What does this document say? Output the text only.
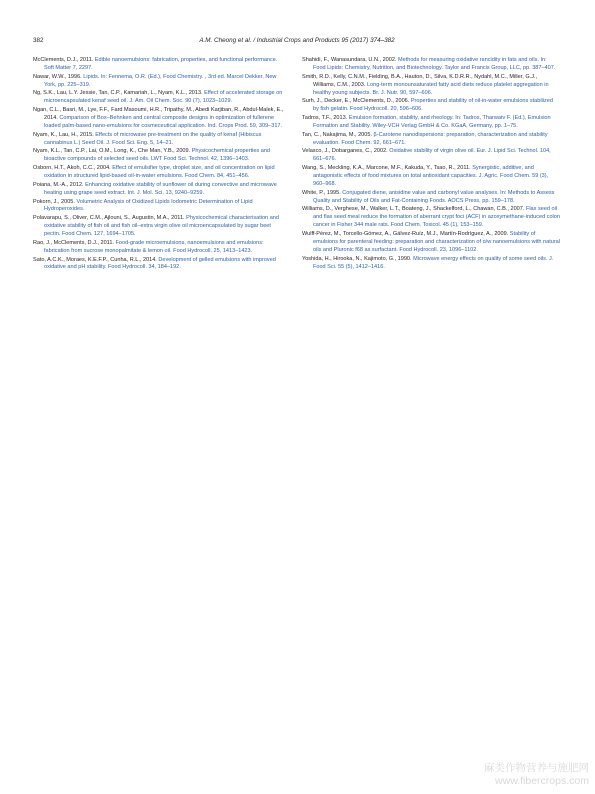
382	A.M. Cheong et al. / Industrial Crops and Products 95 (2017) 374–382

McClements, D.J., 2011. Edible nanoemulsions: fabrication, properties, and functional performance. Soft Matter 7, 2297.

Nawar, W.W., 1996. Lipids. In: Fennema, O.R. (Ed.), Food Chemistry. , 3rd ed. Marcel Dekker, New York, pp. 225–319.

Ng, S.K., Lau, L.Y. Jessie, Tan, C.P., Kamariah, L., Nyam, K.L., 2013. Effect of accelerated storage on microencapsulated kenaf seed oil. J. Am. Oil Chem. Soc. 90 (7), 1023–1029.

Ngan, C.L., Basri, M., Lye, F.F., Fard Masoumi, H.R., Tripathy, M., Abedi Karjiban, R., Abdul-Malek, E., 2014. Comparison of Box–Behnken and central composite designs in optimization of fullerene loaded palm-based nano-emulsions for cosmeceutical application. Ind. Crops Prod. 59, 309–317.

Nyam, K., Lau, H., 2015. Effects of microwave pre-treatment on the quality of kenaf (Hibiscus cannabinus L.) Seed Oil. J. Food Sci. Eng. 5, 14–21.

Nyam, K.L., Tan, C.P., Lai, O.M., Long, K., Che Man, Y.B., 2009. Physicochemical properties and bioactive compounds of selected seed oils. LWT Food Sci. Technol. 42, 1396–1403.

Osborn, H.T., Akoh, C.C., 2004. Effect of emulsifier type, droplet size, and oil concentration on lipid oxidation in structured lipid-based oil-in-water emulsions. Food Chem. 84, 451–456.

Poiana, M.-A., 2012. Enhancing oxidative stability of sunflower oil during convective and microwave heating using grape seed extract. Int. J. Mol. Sci. 13, 9240–9259.

Pokorn, J., 2005. Volumetric Analysis of Oxidized Lipids Iodometric Determination of Lipid Hydroperoxides.

Polavarapu, S., Oliver, C.M., Ajlouni, S., Augustin, M.A., 2011. Physicochemical characterisation and oxidative stability of fish oil and fish oil–extra virgin olive oil microencapsulated by sugar beet pectin. Food Chem. 127, 1694–1705.

Rao, J., McClements, D.J., 2011. Food-grade microemulsions, nanoemulsions and emulsions: fabrication from sucrose monopalmitate & lemon oil. Food Hydrocoll. 25, 1413–1423.

Sato, A.C.K., Moraes, K.E.F.P., Cunha, R.L., 2014. Development of gelled emulsions with improved oxidative and pH stability. Food Hydrocoll. 34, 184–192.

Shahidi, F., Wanasundara, U.N., 2002. Methods for measuring oxidative rancidity in fats and oils. In: Food Lipids: Chemistry, Nutrition, and Biotechnology. Taylor and Francis Group, LLC, pp. 387–407.

Smith, R.D., Kelly, C.N.M., Fielding, B.A., Hauton, D., Silva, K.D.R.R., Nydahl, M.C., Miller, G.J., Williams, C.M., 2003. Long-term monounsaturated fatty acid diets reduce platelet aggregation in healthy young subjects. Br. J. Nutr. 90, 597–606.

Surh, J., Decker, E., McClements, D., 2006. Properties and stability of oil-in-water emulsions stabilized by fish gelatin. Food Hydrocoll. 20, 596–606.

Tadros, T.F., 2013. Emulsion formation, stability, and rheology. In: Tadros, Tharwatv F. (Ed.), Emulsion Formation and Stability. Wiley-VCH Verlag GmbH & Co. KGaA, Germany, pp. 1–75.

Tan, C., Nakajima, M., 2005. β-Carotene nanodispersions: preparation, characterization and stability evaluation. Food Chem. 92, 661–671.

Velasco, J., Dobarganes, C., 2002. Oxidative stability of virgin olive oil. Eur. J. Lipid Sci. Technol. 104, 661–676.

Wang, S., Meckling, K.A., Marcone, M.F., Kakuda, Y., Tsao, R., 2011. Synergistic, additive, and antagonistic effects of food mixtures on total antioxidant capacities. J. Agric. Food Chem. 59 (3), 960–968.

White, P., 1995. Conjugated diene, anisidine value and carbonyl value analyses. In: Methods to Assess Quality and Stability of Oils and Fat-Containing Foods. AOCS Press, pp. 159–178.

Williams, D., Verghese, M., Walker, L.T., Boateng, J., Shackelford, L., Chawan, C.B., 2007. Flax seed oil and flax seed meal reduce the formation of aberrant crypt foci (ACF) in azoxymethane-induced colon cancer in Fisher 344 male rats. Food Chem. Toxicol. 45 (1), 153–159.

Wulff-Pérez, M., Torcello-Gómez, A., Gálvez-Ruíz, M.J., Martín-Rodríguez, A., 2009. Stability of emulsions for parenteral feeding: preparation and characterization of o/w nanoemulsions with natural oils and Pluronic f68 as surfactant. Food Hydrocoll. 23, 1096–1102.

Yoshida, H., Hirooka, N., Kajimoto, G., 1990. Microwave energy effects on quality of some seed oils. J. Food Sci. 55 (5), 1412–1416.

麻类作物营养与施肥网
www.fibercrops.com
